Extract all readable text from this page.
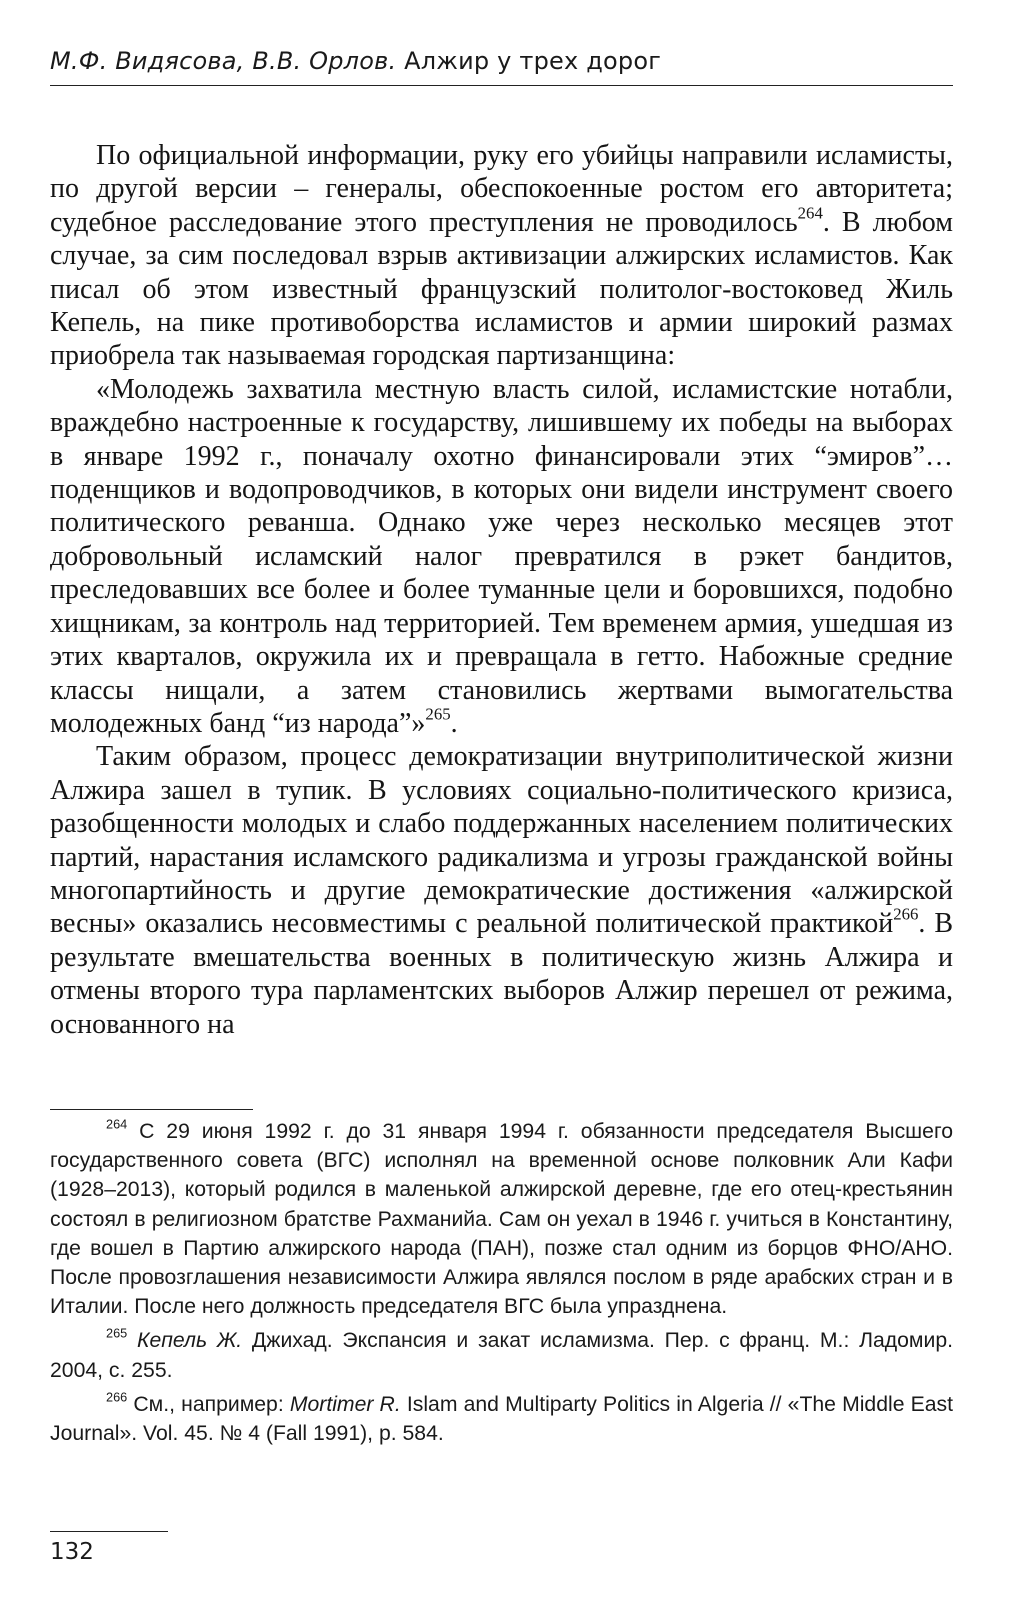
М.Ф. Видясова, В.В. Орлов. Алжир у трех дорог

По официальной информации, руку его убийцы направили исламисты, по другой версии – генералы, обеспокоенные ростом его авторитета; судебное расследование этого преступления не проводилось$^{264}$. В любом случае, за сим последовал взрыв активизации алжирских исламистов. Как писал об этом известный французский политолог-востоковед Жиль Кепель, на пике противоборства исламистов и армии широкий размах приобрела так называемая городская партизанщина:

«Молодежь захватила местную власть силой, исламистские нотабли, враждебно настроенные к государству, лишившему их победы на выборах в январе 1992 г., поначалу охотно финансировали этих “эмиров”… поденщиков и водопроводчиков, в которых они видели инструмент своего политического реванша. Однако уже через несколько месяцев этот добровольный исламский налог превратился в рэкет бандитов, преследовавших все более и более туманные цели и боровшихся, подобно хищникам, за контроль над территорией. Тем временем армия, ушедшая из этих кварталов, окружила их и превращала в гетто. Набожные средние классы нищали, а затем становились жертвами вымогательства молодежных банд “из народа”»$^{265}$.

Таким образом, процесс демократизации внутриполитической жизни Алжира зашел в тупик. В условиях социально-политического кризиса, разобщенности молодых и слабо поддержанных населением политических партий, нарастания исламского радикализма и угрозы гражданской войны многопартийность и другие демократические достижения «алжирской весны» оказались несовместимы с реальной политической практикой$^{266}$. В результате вмешательства военных в политическую жизнь Алжира и отмены второго тура парламентских выборов Алжир перешел от режима, основанного на

$^{264}$ С 29 июня 1992 г. до 31 января 1994 г. обязанности председателя Высшего государственного совета (ВГС) исполнял на временной основе полковник Али Кафи (1928–2013), который родился в маленькой алжирской деревне, где его отец-крестьянин состоял в религиозном братстве Рахманийа. Сам он уехал в 1946 г. учиться в Константину, где вошел в Партию алжирского народа (ПАН), позже стал одним из борцов ФНО/АНО. После провозглашения независимости Алжира являлся послом в ряде арабских стран и в Италии. После него должность председателя ВГС была упразднена.

$^{265}$ Кепель Ж. Джихад. Экспансия и закат исламизма. Пер. с франц. М.: Ладомир. 2004, с. 255.

$^{266}$ См., например: Mortimer R. Islam and Multiparty Politics in Algeria // «The Middle East Journal». Vol. 45. № 4 (Fall 1991), p. 584.

132
